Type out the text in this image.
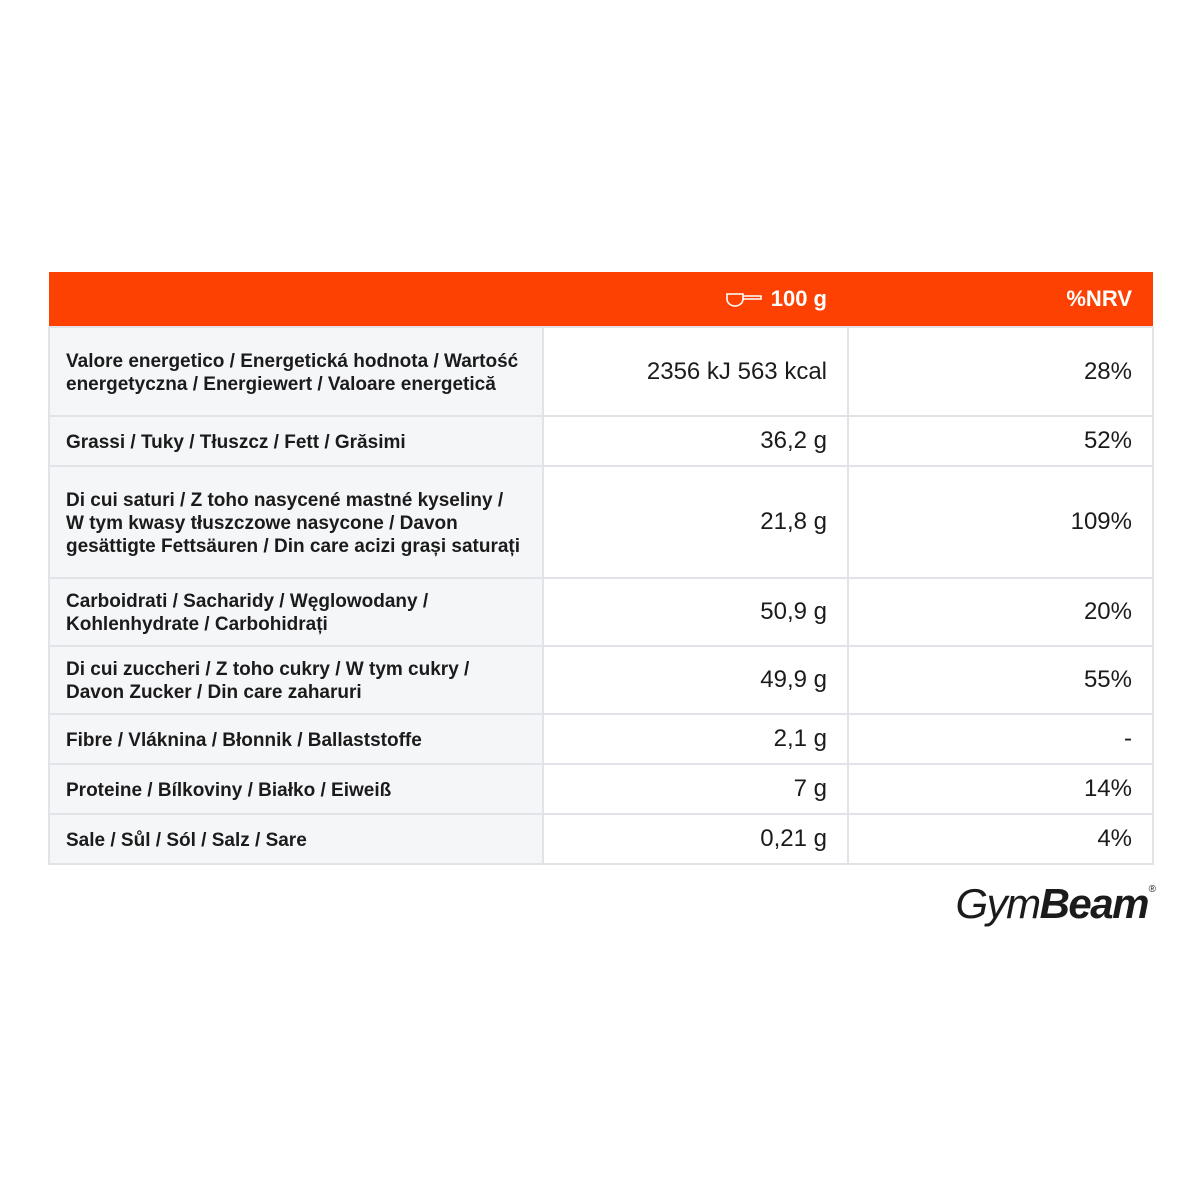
	100 g	%NRV
Valore energetico / Energetická hodnota / Wartość energetyczna / Energiewert / Valoare energetică	2356 kJ 563 kcal	28%
Grassi / Tuky / Tłuszcz / Fett / Grăsimi	36,2 g	52%
Di cui saturi / Z toho nasycené mastné kyseliny / W tym kwasy tłuszczowe nasycone / Davon gesättigte Fettsäuren / Din care acizi grași saturați	21,8 g	109%
Carboidrati / Sacharidy / Węglowodany / Kohlenhydrate / Carbohidrați	50,9 g	20%
Di cui zuccheri / Z toho cukry / W tym cukry / Davon Zucker / Din care zaharuri	49,9 g	55%
Fibre / Vláknina / Błonnik / Ballaststoffe	2,1 g	-
Proteine / Bílkoviny / Białko / Eiweiß	7 g	14%
Sale / Sůl / Sól / Salz / Sare	0,21 g	4%
GymBeam ®
